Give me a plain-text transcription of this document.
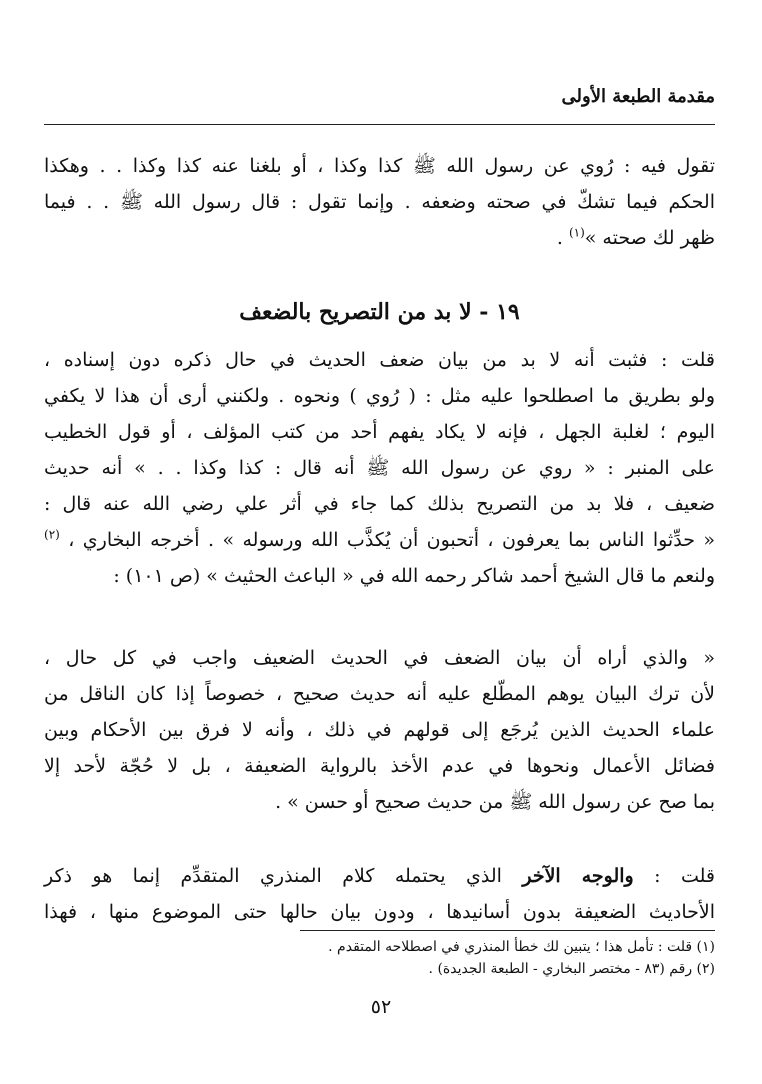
مقدمة الطبعة الأولى
تقول فيه : رُوي عن رسول الله ﷺ كذا وكذا ، أو بلغنا عنه كذا وكذا . . وهكذا
الحكم فيما تشكّ في صحته وضعفه . وإنما تقول : قال رسول الله ﷺ . . فيما
ظهر لك صحته »$^{(١)}$ .
١٩ - لا بد من التصريح بالضعف
قلت : فثبت أنه لا بد من بيان ضعف الحديث في حال ذكره دون إسناده ،
ولو بطريق ما اصطلحوا عليه مثل : ( رُوي ) ونحوه . ولكنني أرى أن هذا لا يكفي
اليوم ؛ لغلبة الجهل ، فإنه لا يكاد يفهم أحد من كتب المؤلف ، أو قول الخطيب
على المنبر : « روي عن رسول الله ﷺ أنه قال : كذا وكذا . . » أنه حديث
ضعيف ، فلا بد من التصريح بذلك كما جاء في أثر علي رضي الله عنه قال :
« حدِّثوا الناس بما يعرفون ، أتحبون أن يُكذَّب الله ورسوله » . أخرجه البخاري ، $^{(٢)}$
ولنعم ما قال الشيخ أحمد شاكر رحمه الله في « الباعث الحثيث » (ص ١٠١) :
« والذي أراه أن بيان الضعف في الحديث الضعيف واجب في كل حال ،
لأن ترك البيان يوهم المطّلع عليه أنه حديث صحيح ، خصوصاً إذا كان الناقل من
علماء الحديث الذين يُرجَع إلى قولهم في ذلك ، وأنه لا فرق بين الأحكام وبين
فضائل الأعمال ونحوها في عدم الأخذ بالرواية الضعيفة ، بل لا حُجّة لأحد إلا
بما صح عن رسول الله ﷺ من حديث صحيح أو حسن » .
قلت : والوجه الآخر الذي يحتمله كلام المنذري المتقدِّم إنما هو ذكر
الأحاديث الضعيفة بدون أسانيدها ، ودون بيان حالها حتى الموضوع منها ، فهذا
(١) قلت : تأمل هذا ؛ يتبين لك خطأ المنذري في اصطلاحه المتقدم .
(٢) رقم (٨٣ - مختصر البخاري - الطبعة الجديدة) .
٥٢
